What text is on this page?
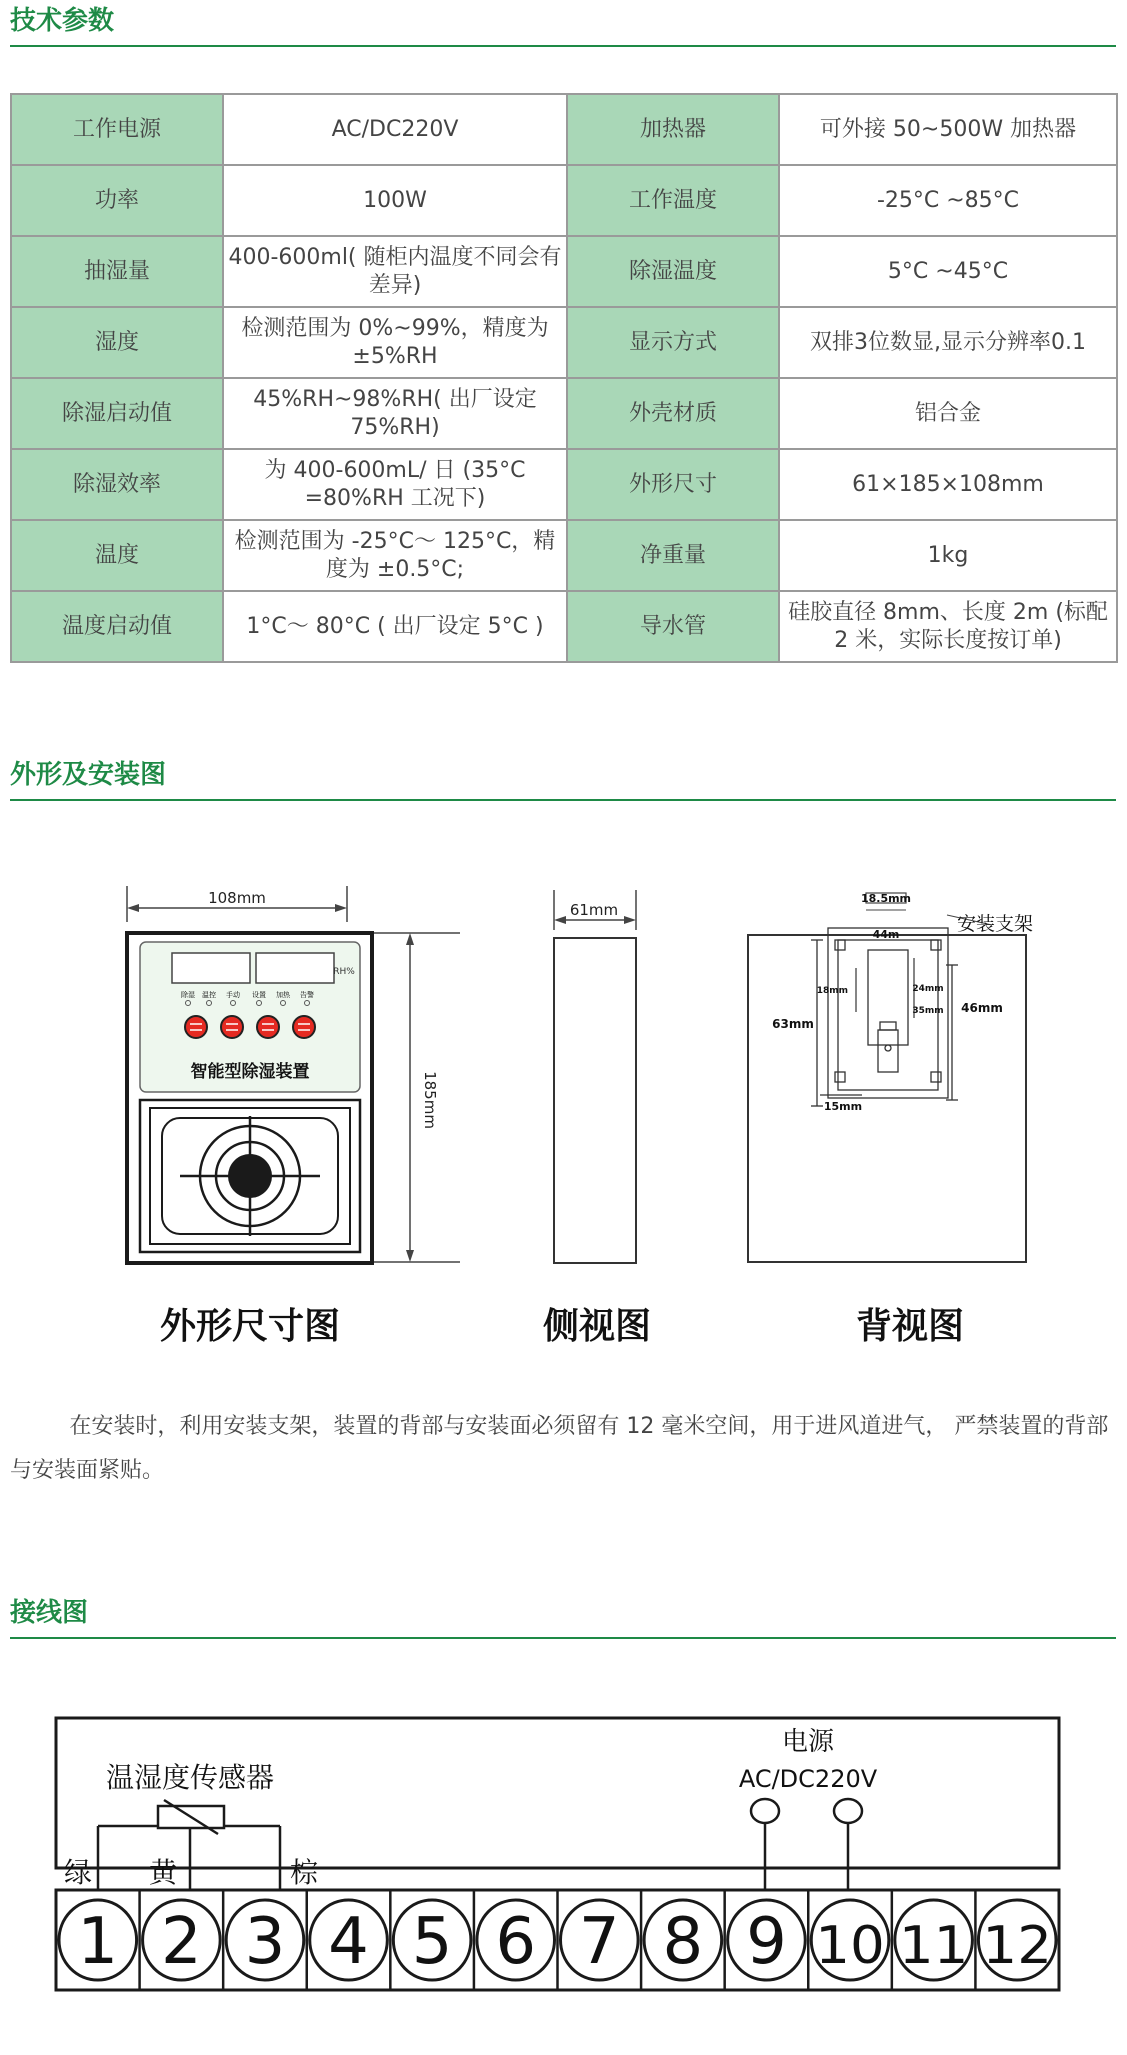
技术参数
工作电源	AC/DC220V	加热器	可外接 50~500W 加热器
功率	100W	工作温度	-25°C ~85°C
抽湿量	400-600ml( 随柜内温度不同会有差异)	除湿温度	5°C ~45°C
湿度	检测范围为 0%~99%，精度为 ±5%RH	显示方式	双排3位数显,显示分辨率0.1
除湿启动值	45%RH~98%RH( 出厂设定 75%RH)	外壳材质	铝合金
除湿效率	为 400-600mL/ 日 (35°C =80%RH 工况下)	外形尺寸	61×185×108mm
温度	检测范围为 -25°C～ 125°C，精度为 ±0.5°C;	净重量	1kg
温度启动值	1°C～ 80°C ( 出厂设定 5°C )	导水管	硅胶直径 8mm、长度 2m (标配 2 米，实际长度按订单)
外形及安装图
108mm
185mm
RH%
除湿 温控 手动 设置 加热 告警
智能型除湿装置
外形尺寸图
61mm
侧视图
18.5mm
44m	安装支架
63mm
18mm	24mm
35mm 46mm
15mm
背视图
在安装时，利用安装支架，装置的背部与安装面必须留有 12 毫米空间，用于进风道进气， 严禁装置的背部与安装面紧贴。
接线图
温湿度传感器
绿 黄	棕
电源
AC/DC220V
1 2 3 4 5 6 7 8 9 10 11 12
